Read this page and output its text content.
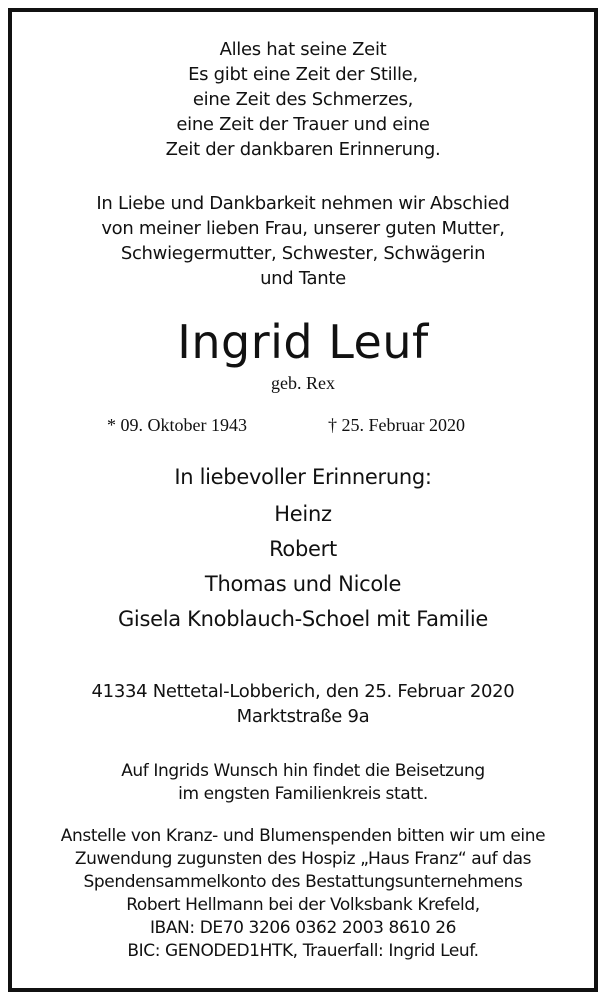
Alles hat seine Zeit
Es gibt eine Zeit der Stille,
eine Zeit des Schmerzes,
eine Zeit der Trauer und eine
Zeit der dankbaren Erinnerung.
In Liebe und Dankbarkeit nehmen wir Abschied
von meiner lieben Frau, unserer guten Mutter,
Schwiegermutter, Schwester, Schwägerin
und Tante
Ingrid Leuf
geb. Rex
* 09. Oktober 1943	† 25. Februar 2020
In liebevoller Erinnerung:
Heinz
Robert
Thomas und Nicole
Gisela Knoblauch-Schoel mit Familie
41334 Nettetal-Lobberich, den 25. Februar 2020
Marktstraße 9a
Auf Ingrids Wunsch hin findet die Beisetzung
im engsten Familienkreis statt.
Anstelle von Kranz- und Blumenspenden bitten wir um eine
Zuwendung zugunsten des Hospiz „Haus Franz“ auf das
Spendensammelkonto des Bestattungsunternehmens
Robert Hellmann bei der Volksbank Krefeld,
IBAN: DE70 3206 0362 2003 8610 26
BIC: GENODED1HTK, Trauerfall: Ingrid Leuf.
